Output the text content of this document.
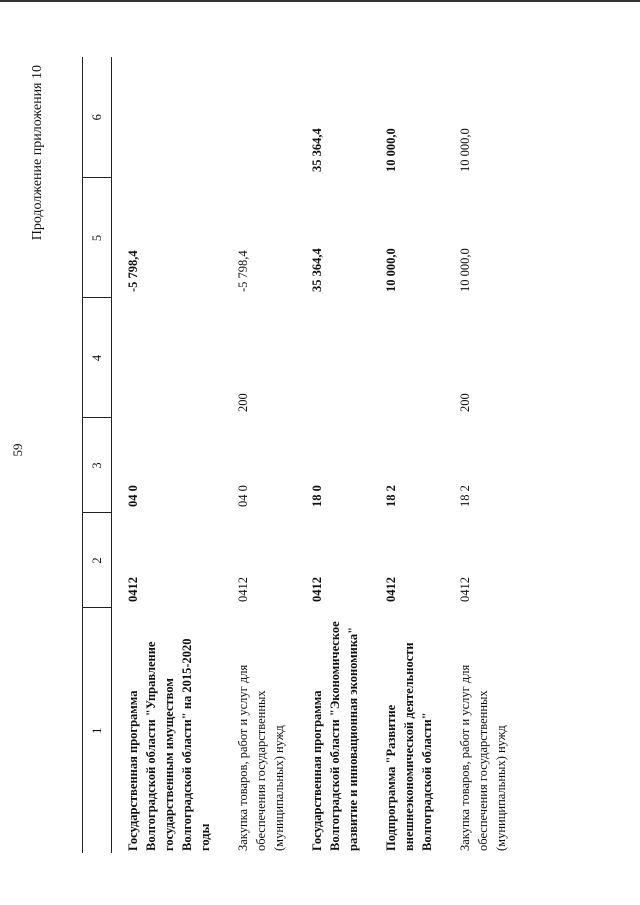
59
Продолжение приложения 10
1	2	3	4	5	6
Государственная программа Волгоградской области "Управление государственным имуществом Волгоградской области" на 2015-2020 годы	0412	04 0		-5 798,4	
Закупка товаров, работ и услуг для обеспечения государственных (муниципальных) нужд	0412	04 0	200	-5 798,4	
Государственная программа Волгоградской области "Экономическое развитие и инновационная экономика"	0412	18 0		35 364,4	35 364,4
Подпрограмма "Развитие внешнеэкономической деятельности Волгоградской области"	0412	18 2		10 000,0	10 000,0
Закупка товаров, работ и услуг для обеспечения государственных (муниципальных) нужд	0412	18 2	200	10 000,0	10 000,0
